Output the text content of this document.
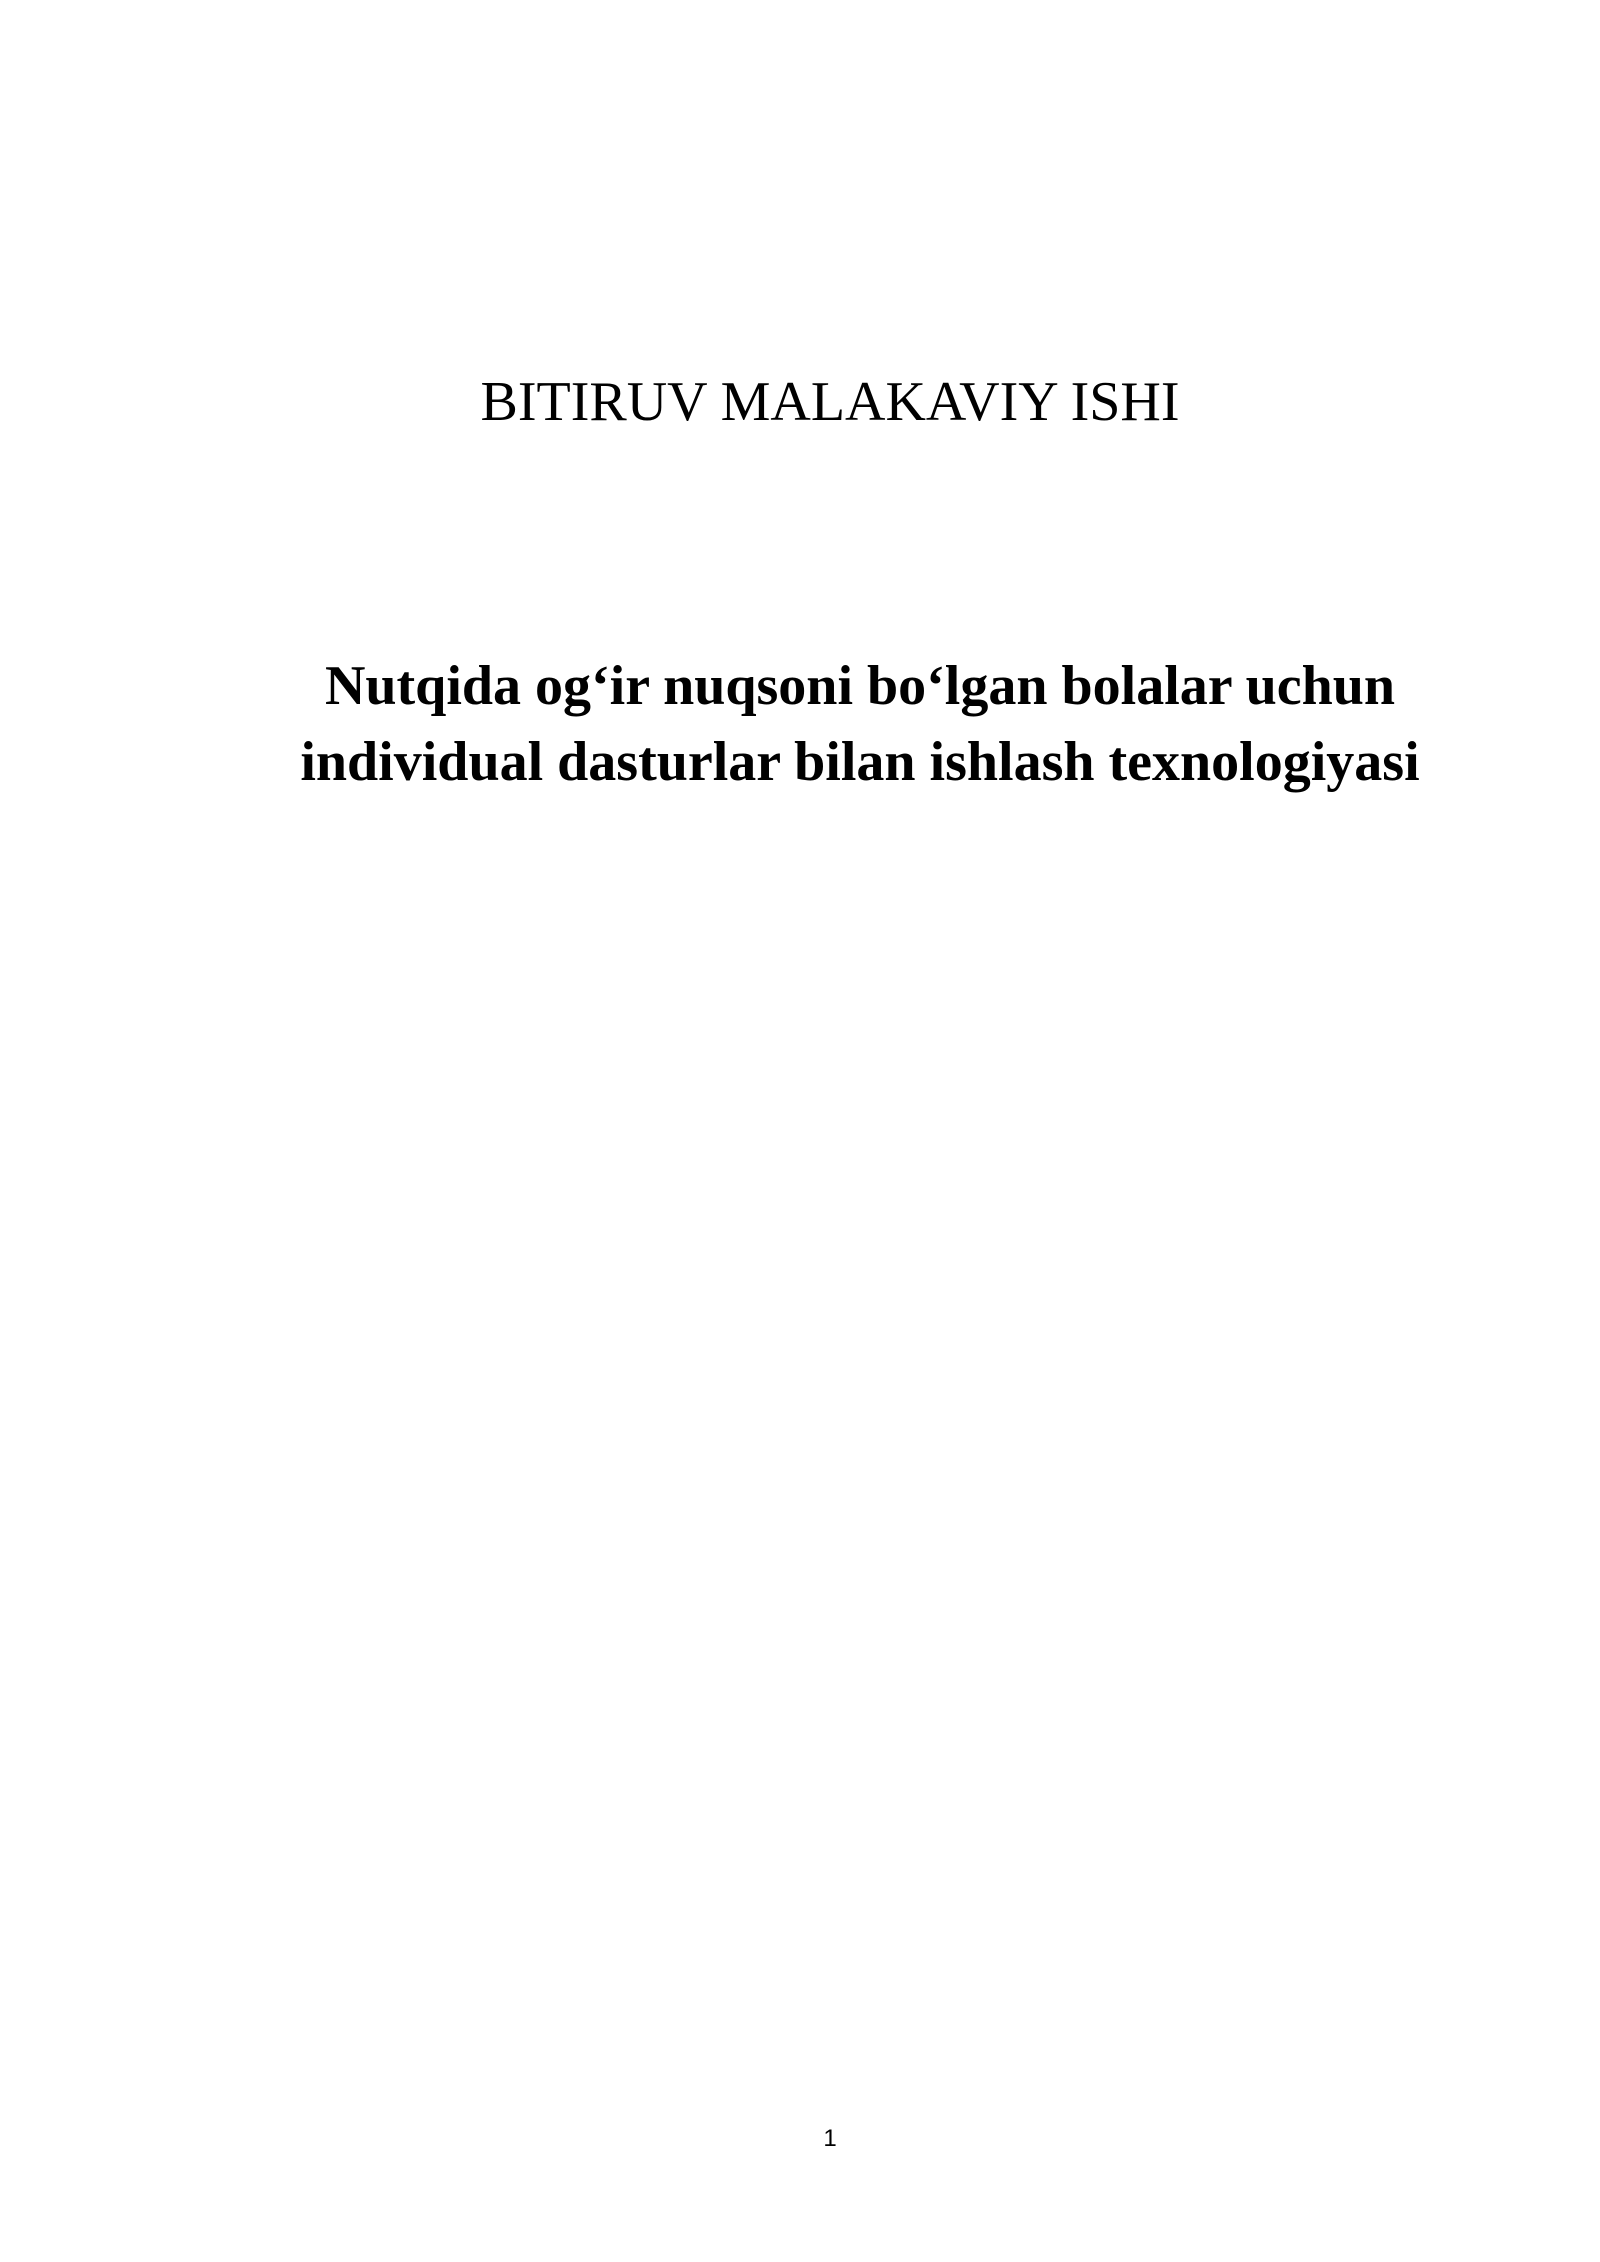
BITIRUV MALAKAVIY ISHI
Nutqida og‘ir nuqsoni bo‘lgan bolalar uchun
individual dasturlar bilan ishlash texnologiyasi
1
